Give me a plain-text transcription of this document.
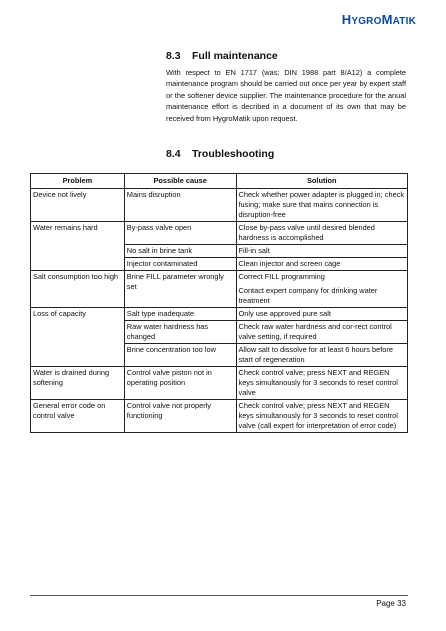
HYGROMATIK
8.3 Full maintenance
With respect to EN 1717 (was: DIN 1988 part 8/A12) a complete maintenance program should be carried out once per year by expert staff or the softener device supplier. The maintenance procedure for the anual maintenance effort is decribed in a document of its own that may be received from HygroMatik upon request.
8.4 Troubleshooting
Problem	Possible cause	Solution
Device not lively	Mains disruption	Check whether power adapter is plugged in; check fusing; make sure that mains connection is disruption-free
Water remains hard	By-pass valve open	Close by-pass valve until desired blended hardness is accomplished
	No salt in brine tank	Fill-in salt
	Injector contaminated	Clean injector and screen cage
Salt consumption too high	Brine FILL parameter wrongly set	Correct FILL programming
Contact expert company for drinking water treatment
Loss of capacity	Salt type inadequate	Only use approved pure salt
	Raw water hardness has changed	Check raw water hardness and cor-rect control valve setting, if required
	Brine concentration too low	Allow salt to dissolve for at least 6 hours before start of regeneration
Water is drained during softening	Control valve piston not in operating position	Check control valve; press NEXT and REGEN keys simultanously for 3 seconds to reset control valve
General error code on control valve	Control valve not properly functioning	Check control valve; press NEXT and REGEN keys simultanously for 3 seconds to reset control valve (call expert for interpretation of error code)
Page 33
